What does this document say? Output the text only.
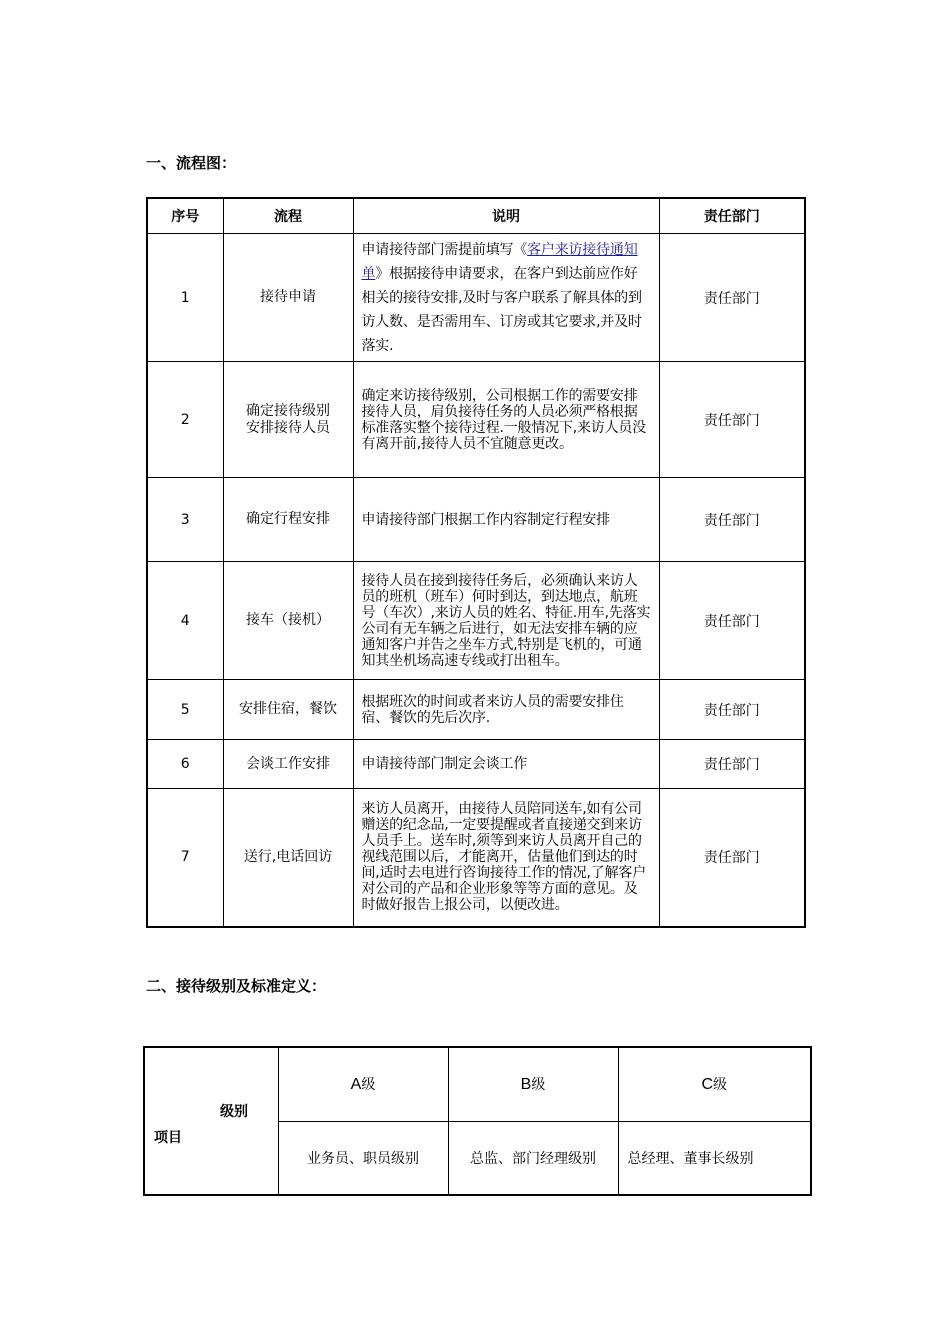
一、流程图：
序号	流程	说明	责任部门
1	接待申请	申请接待部门需提前填写《客户来访接待通知单》根据接待申请要求，在客户到达前应作好相关的接待安排,及时与客户联系了解具体的到访人数、是否需用车、订房或其它要求,并及时落实.	责任部门
2	确定接待级别
安排接待人员	确定来访接待级别，公司根据工作的需要安排接待人员，肩负接待任务的人员必须严格根据标准落实整个接待过程.一般情况下,来访人员没有离开前,接待人员不宜随意更改。	责任部门
3	确定行程安排	申请接待部门根据工作内容制定行程安排	责任部门
4	接车（接机）	接待人员在接到接待任务后，必须确认来访人员的班机（班车）何时到达，到达地点，航班号（车次）,来访人员的姓名、特征.用车,先落实公司有无车辆之后进行，如无法安排车辆的应通知客户并告之坐车方式,特别是飞机的，可通知其坐机场高速专线或打出租车。	责任部门
5	安排住宿，餐饮	根据班次的时间或者来访人员的需要安排住宿、餐饮的先后次序.	责任部门
6	会谈工作安排	申请接待部门制定会谈工作	责任部门
7	送行,电话回访	来访人员离开，由接待人员陪同送车,如有公司赠送的纪念品,一定要提醒或者直接递交到来访人员手上。送车时,须等到来访人员离开自己的视线范围以后，才能离开，估量他们到达的时间,适时去电进行咨询接待工作的情况,了解客户对公司的产品和企业形象等等方面的意见。及时做好报告上报公司，以便改进。	责任部门
二、接待级别及标准定义：
级别
项目	A级	B级	C级
	业务员、职员级别	总监、部门经理级别	总经理、董事长级别
